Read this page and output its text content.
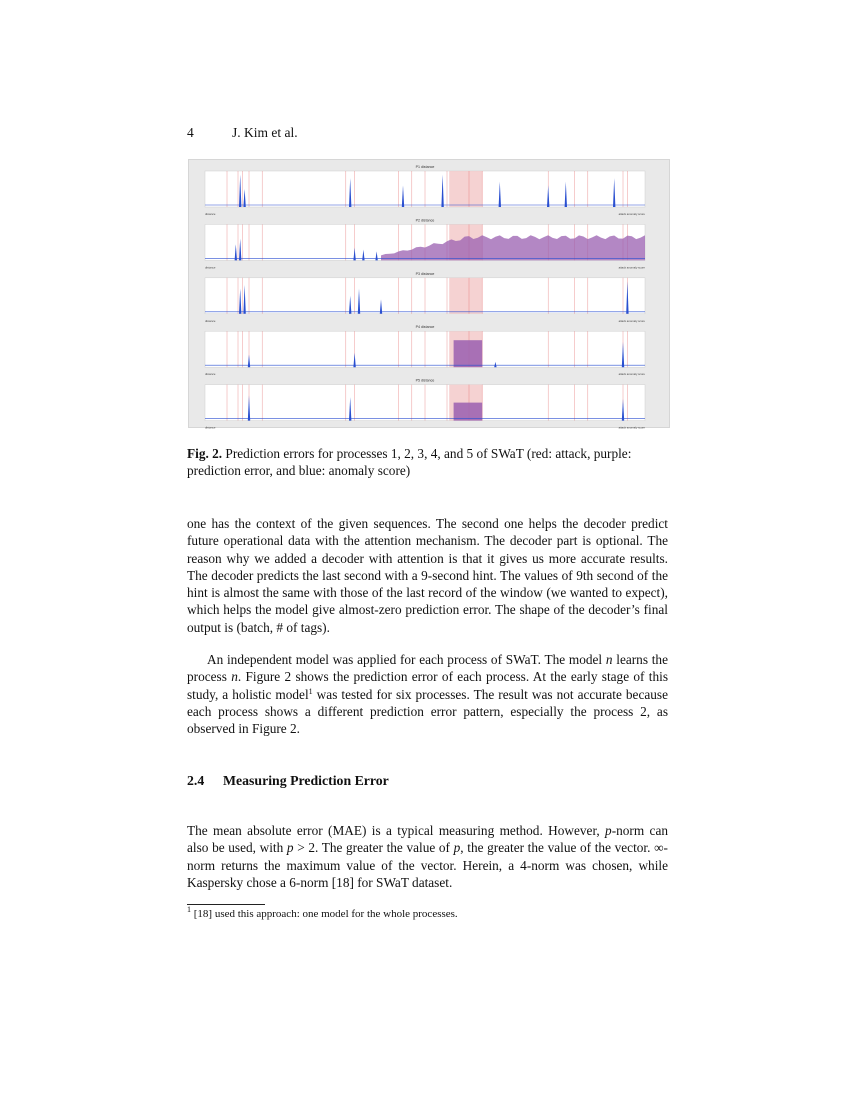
4	J. Kim et al.
P1 distance
distance	attack anomaly score
P2 distance
distance	attack anomaly score
P3 distance
distance	attack anomaly score
P4 distance
distance	attack anomaly score
P5 distance
distance	attack anomaly score
Fig. 2. Prediction errors for processes 1, 2, 3, 4, and 5 of SWaT (red: attack, purple: prediction error, and blue: anomaly score)

one has the context of the given sequences. The second one helps the decoder predict future operational data with the attention mechanism. The decoder part is optional. The reason why we added a decoder with attention is that it gives us more accurate results. The decoder predicts the last second with a 9-second hint. The values of 9th second of the hint is almost the same with those of the last record of the window (we wanted to expect), which helps the model give almost-zero prediction error. The shape of the decoder’s final output is (batch, # of tags).

An independent model was applied for each process of SWaT. The model n learns the process n. Figure 2 shows the prediction error of each process. At the early stage of this study, a holistic model$^1$ was tested for six processes. The result was not accurate because each process shows a different prediction error pattern, especially the process 2, as observed in Figure 2.

2.4 Measuring Prediction Error

The mean absolute error (MAE) is a typical measuring method. However, p-norm can also be used, with p > 2. The greater the value of p, the greater the value of the vector. ∞-norm returns the maximum value of the vector. Herein, a 4-norm was chosen, while Kaspersky chose a 6-norm [18] for SWaT dataset.

$^1$ [18] used this approach: one model for the whole processes.
